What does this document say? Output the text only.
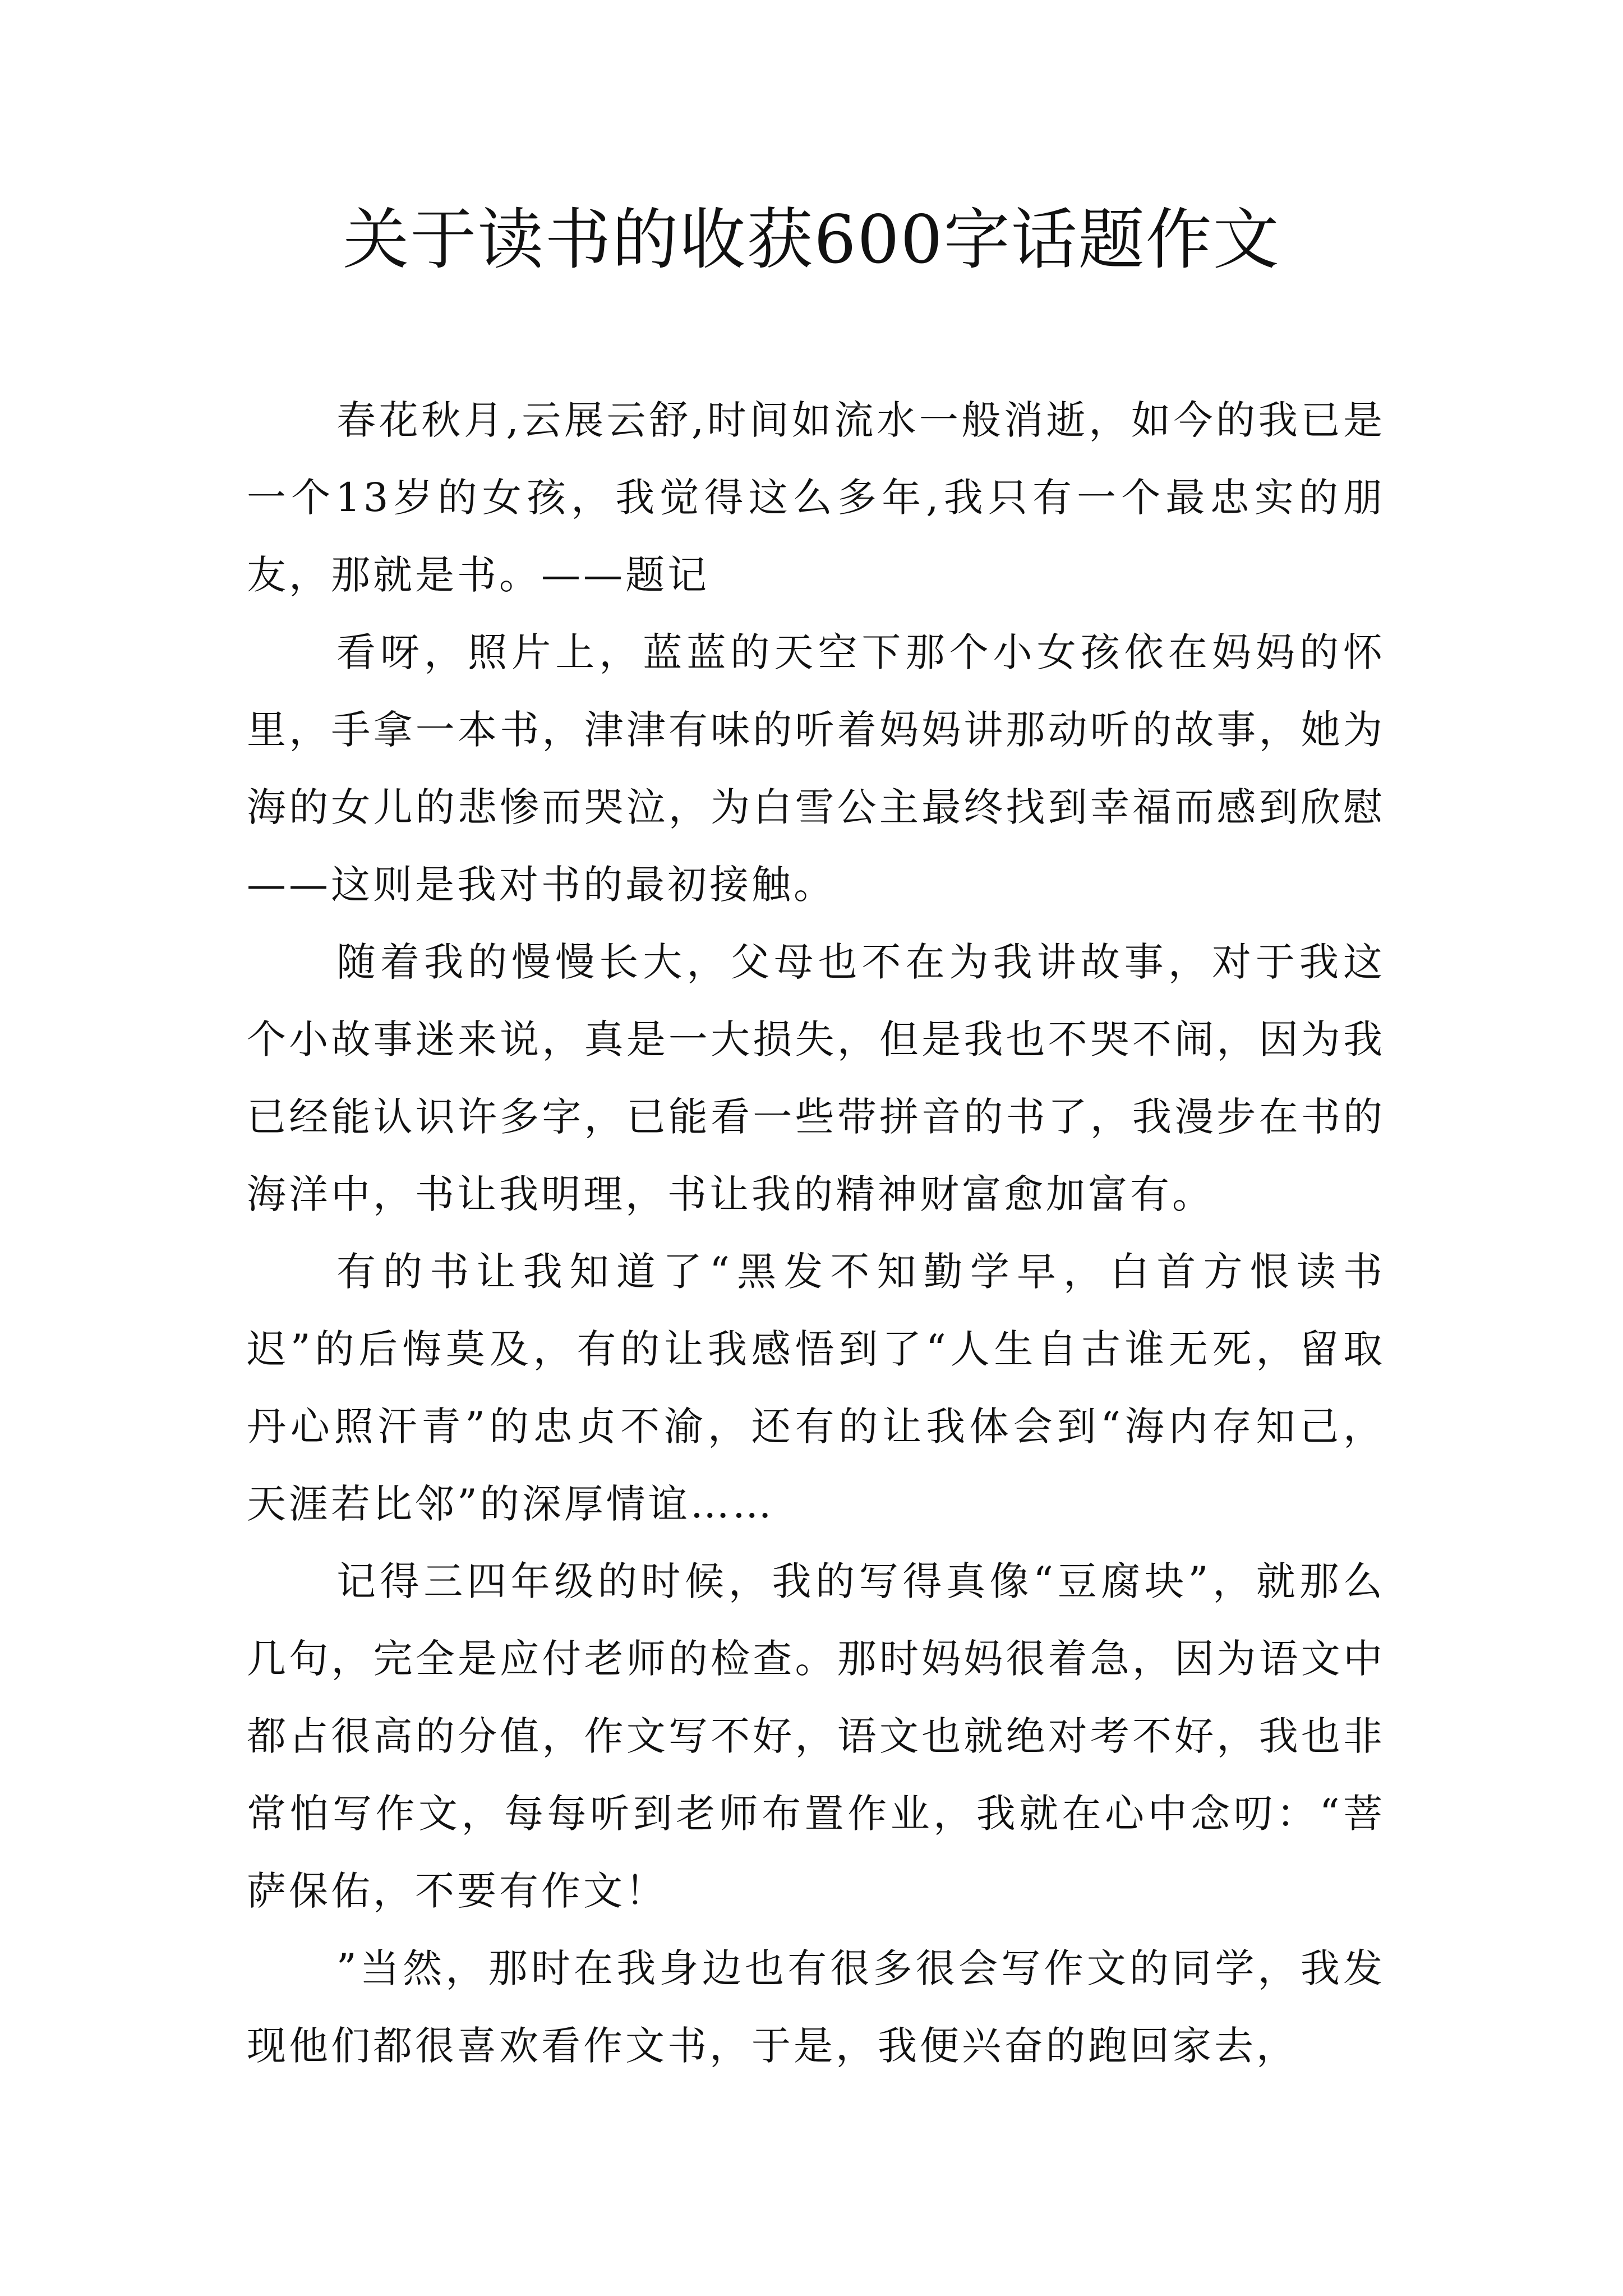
关于读书的收获600字话题作文

春花秋月,云展云舒,时间如流水一般消逝，如今的我已是一个13岁的女孩，我觉得这么多年,我只有一个最忠实的朋友，那就是书。——题记

看呀，照片上，蓝蓝的天空下那个小女孩依在妈妈的怀里，手拿一本书，津津有味的听着妈妈讲那动听的故事，她为海的女儿的悲惨而哭泣，为白雪公主最终找到幸福而感到欣慰——这则是我对书的最初接触。

随着我的慢慢长大，父母也不在为我讲故事，对于我这个小故事迷来说，真是一大损失，但是我也不哭不闹，因为我已经能认识许多字，已能看一些带拼音的书了，我漫步在书的海洋中，书让我明理，书让我的精神财富愈加富有。

有的书让我知道了“黑发不知勤学早，白首方恨读书迟”的后悔莫及，有的让我感悟到了“人生自古谁无死，留取丹心照汗青”的忠贞不渝，还有的让我体会到“海内存知己，天涯若比邻”的深厚情谊……

记得三四年级的时候，我的写得真像“豆腐块”，就那么几句，完全是应付老师的检查。那时妈妈很着急，因为语文中都占很高的分值，作文写不好，语文也就绝对考不好，我也非常怕写作文，每每听到老师布置作业，我就在心中念叨：“菩萨保佑，不要有作文！

”当然，那时在我身边也有很多很会写作文的同学，我发现他们都很喜欢看作文书，于是，我便兴奋的跑回家去，
